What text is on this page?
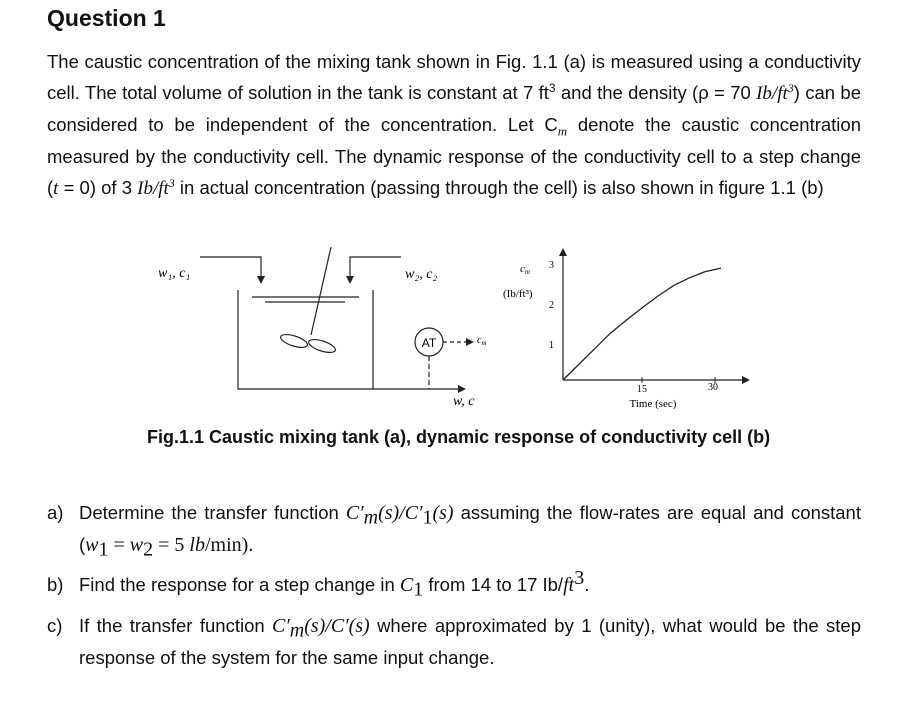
Question 1
The caustic concentration of the mixing tank shown in Fig. 1.1 (a) is measured using a conductivity cell. The total volume of solution in the tank is constant at 7 $ft^3$ and the density (ρ = 70 $Ib/ft^3$) can be considered to be independent of the concentration. Let $C_m$ denote the caustic concentration measured by the conductivity cell. The dynamic response of the conductivity cell to a step change (t = 0) of 3 $Ib/ft^3$ in actual concentration (passing through the cell) is also shown in figure 1.1 (b)
w₁, c₁	w₂, c₂
w, c
AT	$c_m$
cm
(Ib/ft³)
3
2
1
15	30
Time (sec)
Fig.1.1 Caustic mixing tank (a), dynamic response of conductivity cell (b)
a) Determine the transfer function C′m(s)/C′1(s) assuming the flow-rates are equal and constant (w1 = w2 = 5 lb/min).
b) Find the response for a step change in C1 from 14 to 17 Ib/ft3.
c) If the transfer function C′m(s)/C′(s) where approximated by 1 (unity), what would be the step response of the system for the same input change.
